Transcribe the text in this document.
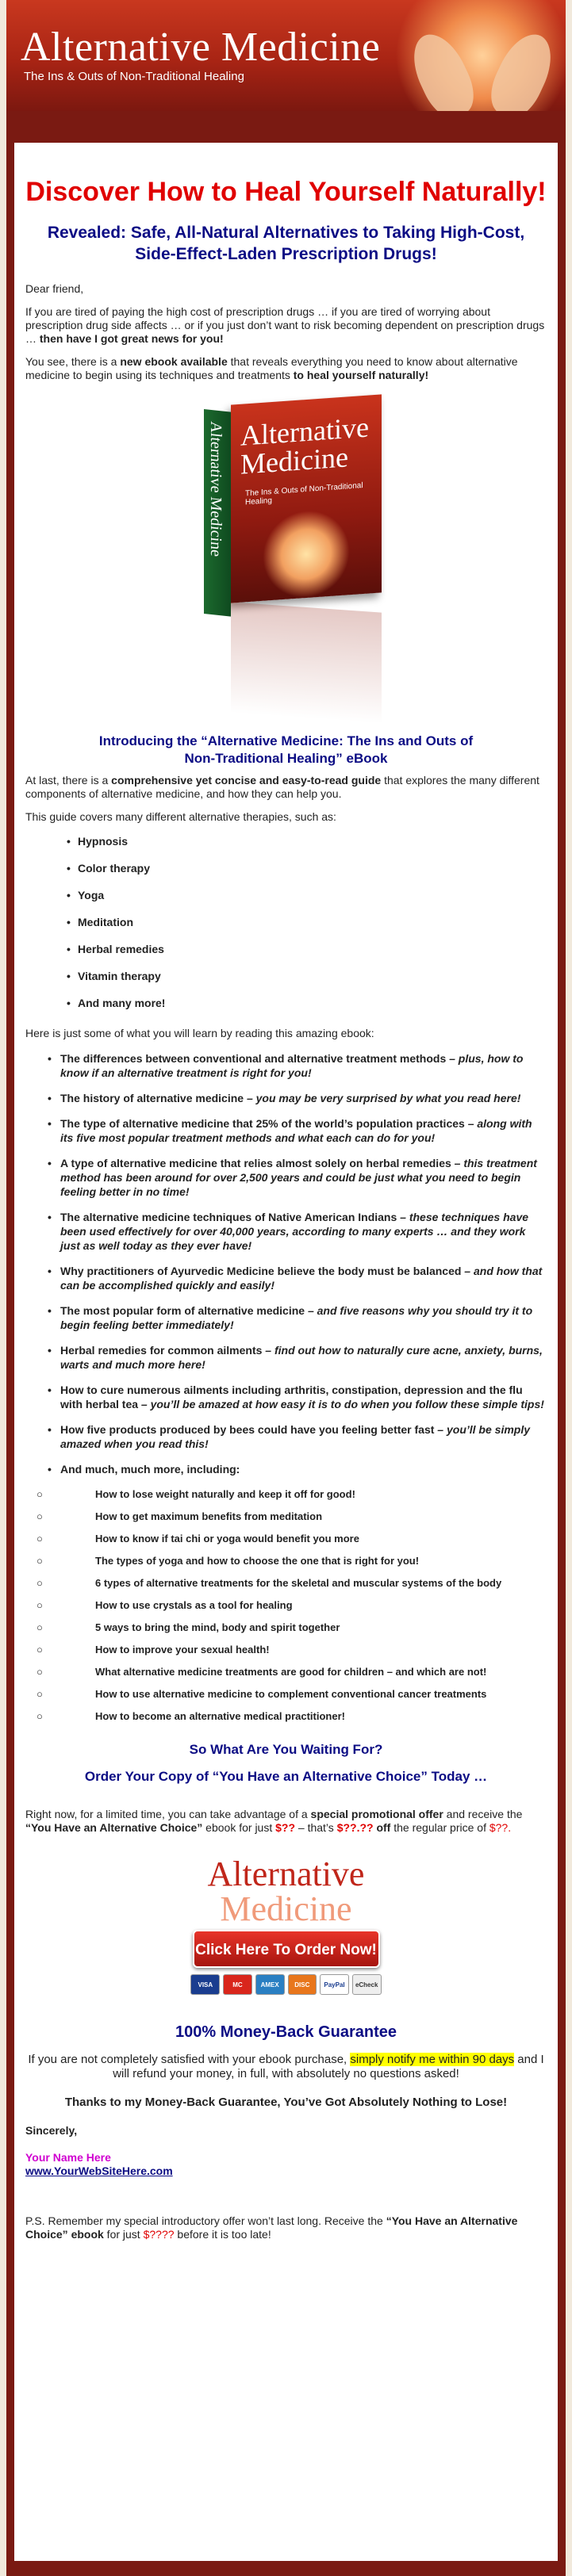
Alternative Medicine
The Ins & Outs of Non-Traditional Healing
Discover How to Heal Yourself Naturally!
Revealed: Safe, All-Natural Alternatives to Taking High-Cost, Side-Effect-Laden Prescription Drugs!

Dear friend,

If you are tired of paying the high cost of prescription drugs … if you are tired of worrying about prescription drug side affects … or if you just don’t want to risk becoming dependent on prescription drugs … then have I got great news for you!

You see, there is a new ebook available that reveals everything you need to know about alternative medicine to begin using its techniques and treatments to heal yourself naturally!

Alternative Medicine Alternative Medicine
The Ins & Outs of Non-Traditional Healing
Introducing the “Alternative Medicine: The Ins and Outs of
Non-Traditional Healing” eBook

At last, there is a comprehensive yet concise and easy-to-read guide that explores the many different components of alternative medicine, and how they can help you.

This guide covers many different alternative therapies, such as:

• Hypnosis
• Color therapy
• Yoga
• Meditation
• Herbal remedies
• Vitamin therapy
• And many more!

Here is just some of what you will learn by reading this amazing ebook:

• The differences between conventional and alternative treatment methods – plus, how to know if an alternative treatment is right for you!
• The history of alternative medicine – you may be very surprised by what you read here!
• The type of alternative medicine that 25% of the world’s population practices – along with its five most popular treatment methods and what each can do for you!
• A type of alternative medicine that relies almost solely on herbal remedies – this treatment method has been around for over 2,500 years and could be just what you need to begin feeling better in no time!
• The alternative medicine techniques of Native American Indians – these techniques have been used effectively for over 40,000 years, according to many experts … and they work just as well today as they ever have!
• Why practitioners of Ayurvedic Medicine believe the body must be balanced – and how that can be accomplished quickly and easily!
• The most popular form of alternative medicine – and five reasons why you should try it to begin feeling better immediately!
• Herbal remedies for common ailments – find out how to naturally cure acne, anxiety, burns, warts and much more here!
• How to cure numerous ailments including arthritis, constipation, depression and the flu with herbal tea – you’ll be amazed at how easy it is to do when you follow these simple tips!
• How five products produced by bees could have you feeling better fast – you’ll be simply amazed when you read this!
• And much, much more, including:
○ How to lose weight naturally and keep it off for good!
○ How to get maximum benefits from meditation
○ How to know if tai chi or yoga would benefit you more
○ The types of yoga and how to choose the one that is right for you!
○ 6 types of alternative treatments for the skeletal and muscular systems of the body
○ How to use crystals as a tool for healing
○ 5 ways to bring the mind, body and spirit together
○ How to improve your sexual health!
○ What alternative medicine treatments are good for children – and which are not!
○ How to use alternative medicine to complement conventional cancer treatments
○ How to become an alternative medical practitioner!
So What Are You Waiting For?
Order Your Copy of “You Have an Alternative Choice” Today …

Right now, for a limited time, you can take advantage of a special promotional offer and receive the “You Have an Alternative Choice” ebook for just $?? – that’s $??.?? off the regular price of $??.

Alternative
Medicine
Click Here To Order Now!
VISA	MC	AMEX	DISC	PayPal	eCheck
100% Money-Back Guarantee

If you are not completely satisfied with your ebook purchase, simply notify me within 90 days and I will refund your money, in full, with absolutely no questions asked!

Thanks to my Money-Back Guarantee, You’ve Got Absolutely Nothing to Lose!

Sincerely,

Your Name Here
www.YourWebSiteHere.com

P.S. Remember my special introductory offer won’t last long. Receive the “You Have an Alternative Choice” ebook for just $???? before it is too late!
